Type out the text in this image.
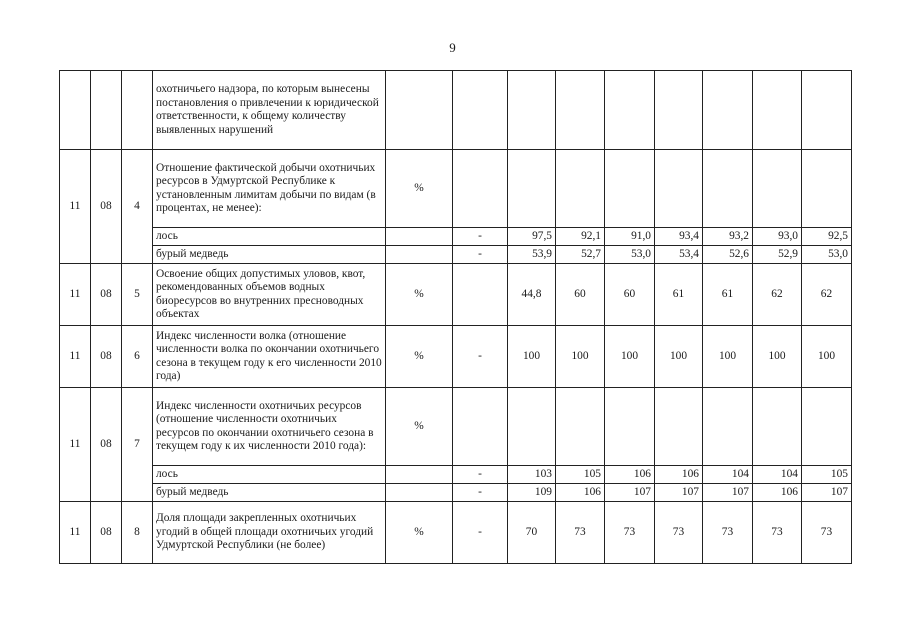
9
			охотничьего надзора, по которым вынесены постановления о привлечении к юридической ответственности, к общему количеству выявленных нарушений									
11	08	4	Отношение фактической добычи охотничьих ресурсов в Удмуртской Республике к установленным лимитам добычи по видам (в процентах, не менее):	%								
			лось		-	97,5	92,1	91,0	93,4	93,2	93,0	92,5
			бурый медведь		-	53,9	52,7	53,0	53,4	52,6	52,9	53,0
11	08	5	Освоение общих допустимых уловов, квот, рекомендованных объемов водных биоресурсов во внутренних пресноводных объектах	%		44,8	60	60	61	61	62	62
11	08	6	Индекс численности волка (отношение численности волка по окончании охотничьего сезона в текущем году к его численности 2010 года)	%	-	100	100	100	100	100	100	100
11	08	7	Индекс численности охотничьих ресурсов (отношение численности охотничьих ресурсов по окончании охотничьего сезона в текущем году к их численности 2010 года):	%								
			лось		-	103	105	106	106	104	104	105
			бурый медведь		-	109	106	107	107	107	106	107
11	08	8	Доля площади закрепленных охотничьих угодий в общей площади охотничьих угодий Удмуртской Республики (не более)	%	-	70	73	73	73	73	73	73
